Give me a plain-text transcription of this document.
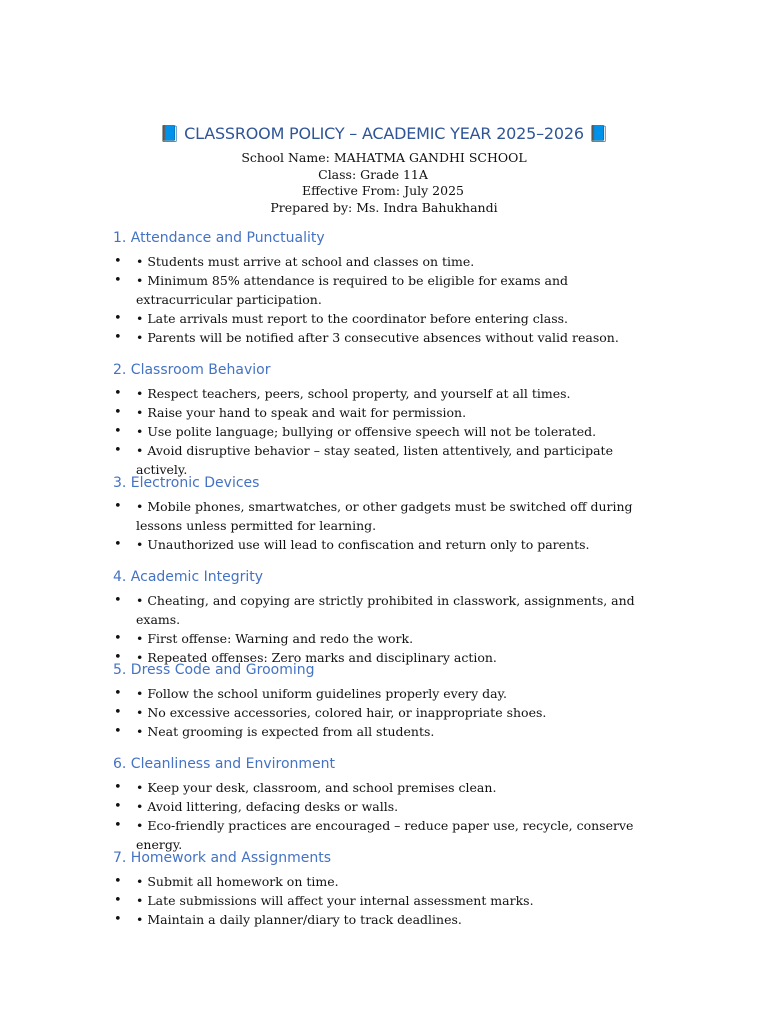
📘 CLASSROOM POLICY – ACADEMIC YEAR 2025–2026 📘
School Name: MAHATMA GANDHI SCHOOL
Class: Grade 11A
Effective From: July 2025
Prepared by: Ms. Indra Bahukhandi
1. Attendance and Punctuality
• • Students must arrive at school and classes on time.
• • Minimum 85% attendance is required to be eligible for exams and extracurricular participation.
• • Late arrivals must report to the coordinator before entering class.
• • Parents will be notified after 3 consecutive absences without valid reason.
2. Classroom Behavior
• • Respect teachers, peers, school property, and yourself at all times.
• • Raise your hand to speak and wait for permission.
• • Use polite language; bullying or offensive speech will not be tolerated.
• • Avoid disruptive behavior – stay seated, listen attentively, and participate actively.
3. Electronic Devices
• • Mobile phones, smartwatches, or other gadgets must be switched off during lessons unless permitted for learning.
• • Unauthorized use will lead to confiscation and return only to parents.
4. Academic Integrity
• • Cheating, and copying are strictly prohibited in classwork, assignments, and exams.
• • First offense: Warning and redo the work.
• • Repeated offenses: Zero marks and disciplinary action.
5. Dress Code and Grooming
• • Follow the school uniform guidelines properly every day.
• • No excessive accessories, colored hair, or inappropriate shoes.
• • Neat grooming is expected from all students.
6. Cleanliness and Environment
• • Keep your desk, classroom, and school premises clean.
• • Avoid littering, defacing desks or walls.
• • Eco-friendly practices are encouraged – reduce paper use, recycle, conserve energy.
7. Homework and Assignments
• • Submit all homework on time.
• • Late submissions will affect your internal assessment marks.
• • Maintain a daily planner/diary to track deadlines.
